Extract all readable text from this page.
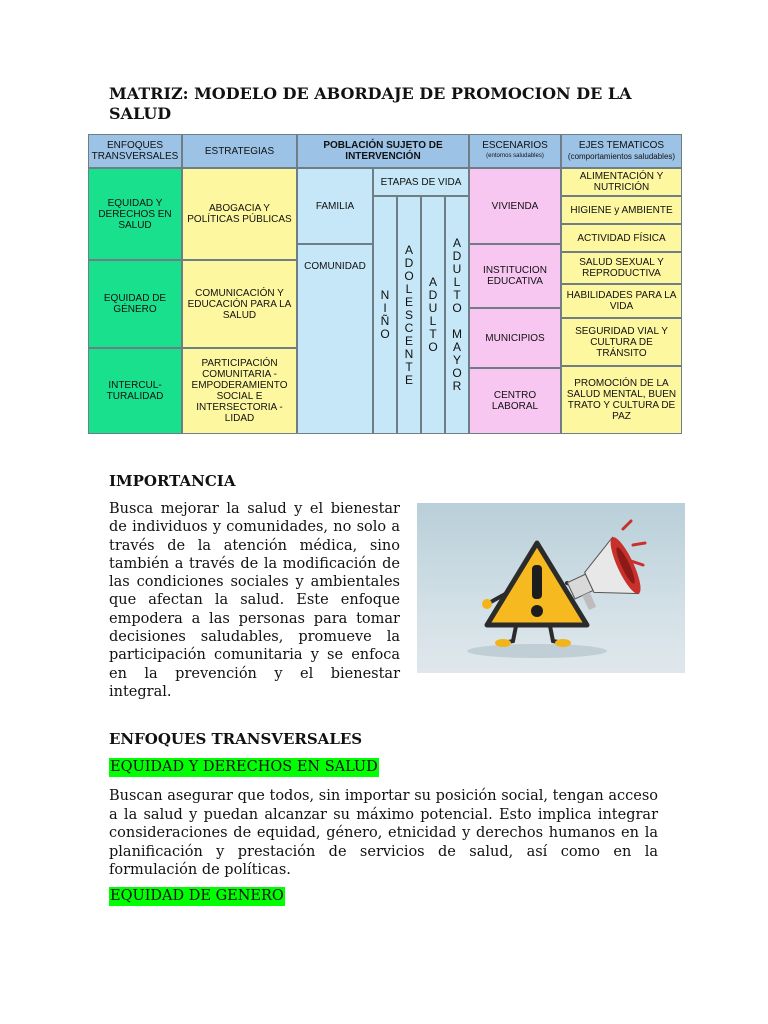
MATRIZ: MODELO DE ABORDAJE DE PROMOCION DE LA SALUD
ENFOQUES TRANSVERSALES	ESTRATEGIAS	POBLACIÓN SUJETO DE INTERVENCIÓN
ESCENARIOS
(entornos saludables)
EJES TEMATICOS
(comportamientos saludables)
EQUIDAD Y DERECHOS EN SALUD
EQUIDAD DE GÉNERO
INTERCUL- TURALIDAD
ABOGACIA Y POLÍTICAS PÚBLICAS
COMUNICACIÓN Y EDUCACIÓN PARA LA SALUD
PARTICIPACIÓN COMUNITARIA - EMPODERAMIENTO SOCIAL E INTERSECTORIA - LIDAD
FAMILIA
COMUNIDAD
ETAPAS DE VIDA
N
I
Ñ
O
A
D
O
L
E
S
C
E
N
T
E
A
D
U
L
T
O
A
D
U
L
T
O

M
A
Y
O
R
VIVIENDA
INSTITUCION EDUCATIVA
MUNICIPIOS
CENTRO LABORAL
ALIMENTACIÓN Y NUTRICIÓN
HIGIENE y AMBIENTE
ACTIVIDAD FÍSICA
SALUD SEXUAL Y REPRODUCTIVA
HABILIDADES PARA LA VIDA
SEGURIDAD VIAL Y CULTURA DE TRÁNSITO
PROMOCIÓN DE LA SALUD MENTAL, BUEN TRATO Y CULTURA DE PAZ
IMPORTANCIA

Busca mejorar la salud y el bienestar de individuos y comunidades, no solo a través de la atención médica, sino también a través de la modificación de las condiciones sociales y ambientales que afectan la salud. Este enfoque empodera a las personas para tomar decisiones saludables, promueve la participación comunitaria y se enfoca en la prevención y el bienestar integral.

ENFOQUES TRANSVERSALES

EQUIDAD Y DERECHOS EN SALUD

Buscan asegurar que todos, sin importar su posición social, tengan acceso a la salud y puedan alcanzar su máximo potencial. Esto implica integrar consideraciones de equidad, género, etnicidad y derechos humanos en la planificación y prestación de servicios de salud, así como en la formulación de políticas.

EQUIDAD DE GENERO
